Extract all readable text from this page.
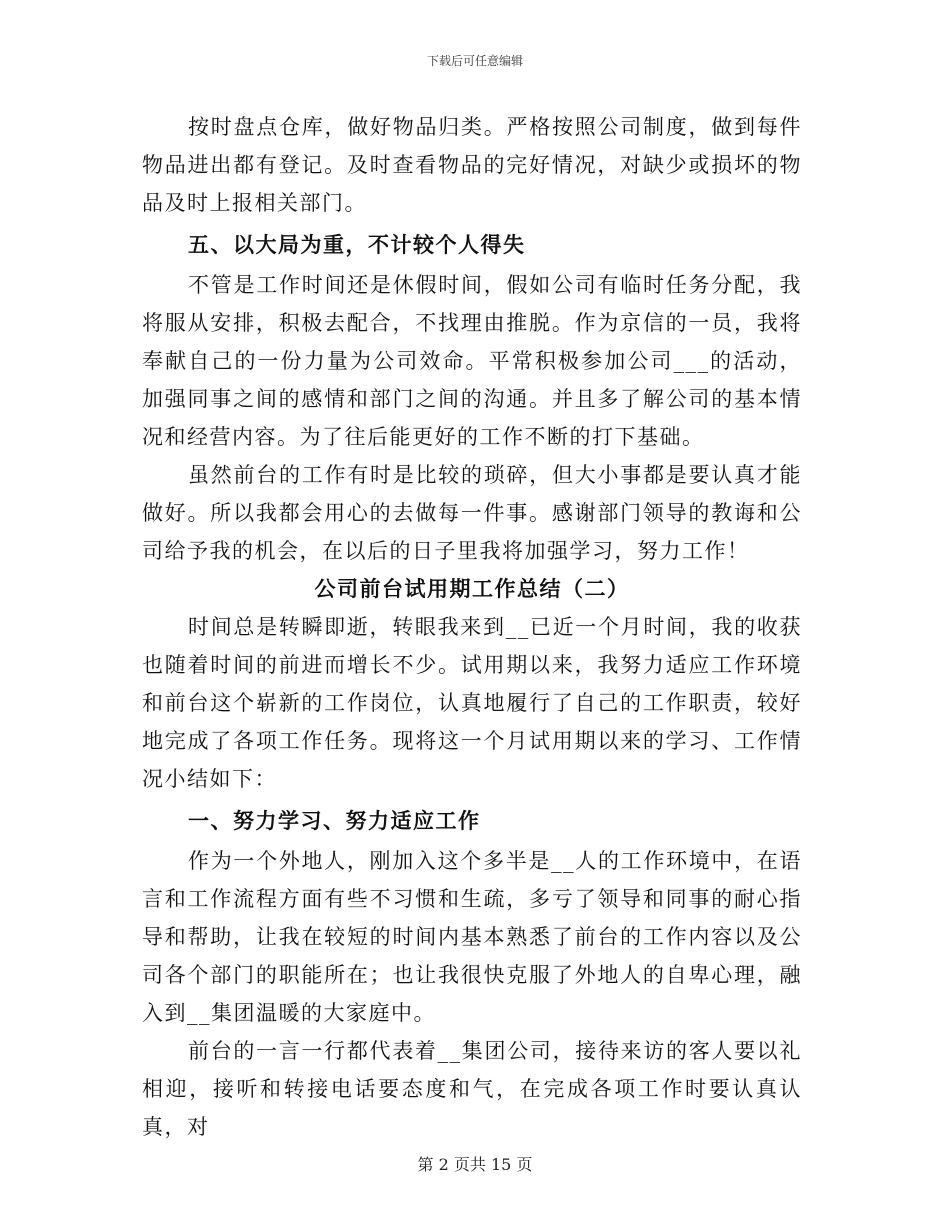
下载后可任意编辑

按时盘点仓库，做好物品归类。严格按照公司制度，做到每件物品进出都有登记。及时查看物品的完好情况，对缺少或损坏的物品及时上报相关部门。

五、以大局为重，不计较个人得失

不管是工作时间还是休假时间，假如公司有临时任务分配，我将服从安排，积极去配合，不找理由推脱。作为京信的一员，我将奉献自己的一份力量为公司效命。平常积极参加公司___的活动，加强同事之间的感情和部门之间的沟通。并且多了解公司的基本情况和经营内容。为了往后能更好的工作不断的打下基础。

虽然前台的工作有时是比较的琐碎，但大小事都是要认真才能做好。所以我都会用心的去做每一件事。感谢部门领导的教诲和公司给予我的机会，在以后的日子里我将加强学习，努力工作！

公司前台试用期工作总结（二）

时间总是转瞬即逝，转眼我来到__已近一个月时间，我的收获也随着时间的前进而增长不少。试用期以来，我努力适应工作环境和前台这个崭新的工作岗位，认真地履行了自己的工作职责，较好地完成了各项工作任务。现将这一个月试用期以来的学习、工作情况小结如下：

一、努力学习、努力适应工作

作为一个外地人，刚加入这个多半是__人的工作环境中，在语言和工作流程方面有些不习惯和生疏，多亏了领导和同事的耐心指导和帮助，让我在较短的时间内基本熟悉了前台的工作内容以及公司各个部门的职能所在；也让我很快克服了外地人的自卑心理，融入到__集团温暖的大家庭中。

前台的一言一行都代表着__集团公司，接待来访的客人要以礼相迎，接听和转接电话要态度和气，在完成各项工作时要认真认真，对

第 2 页共 15 页
